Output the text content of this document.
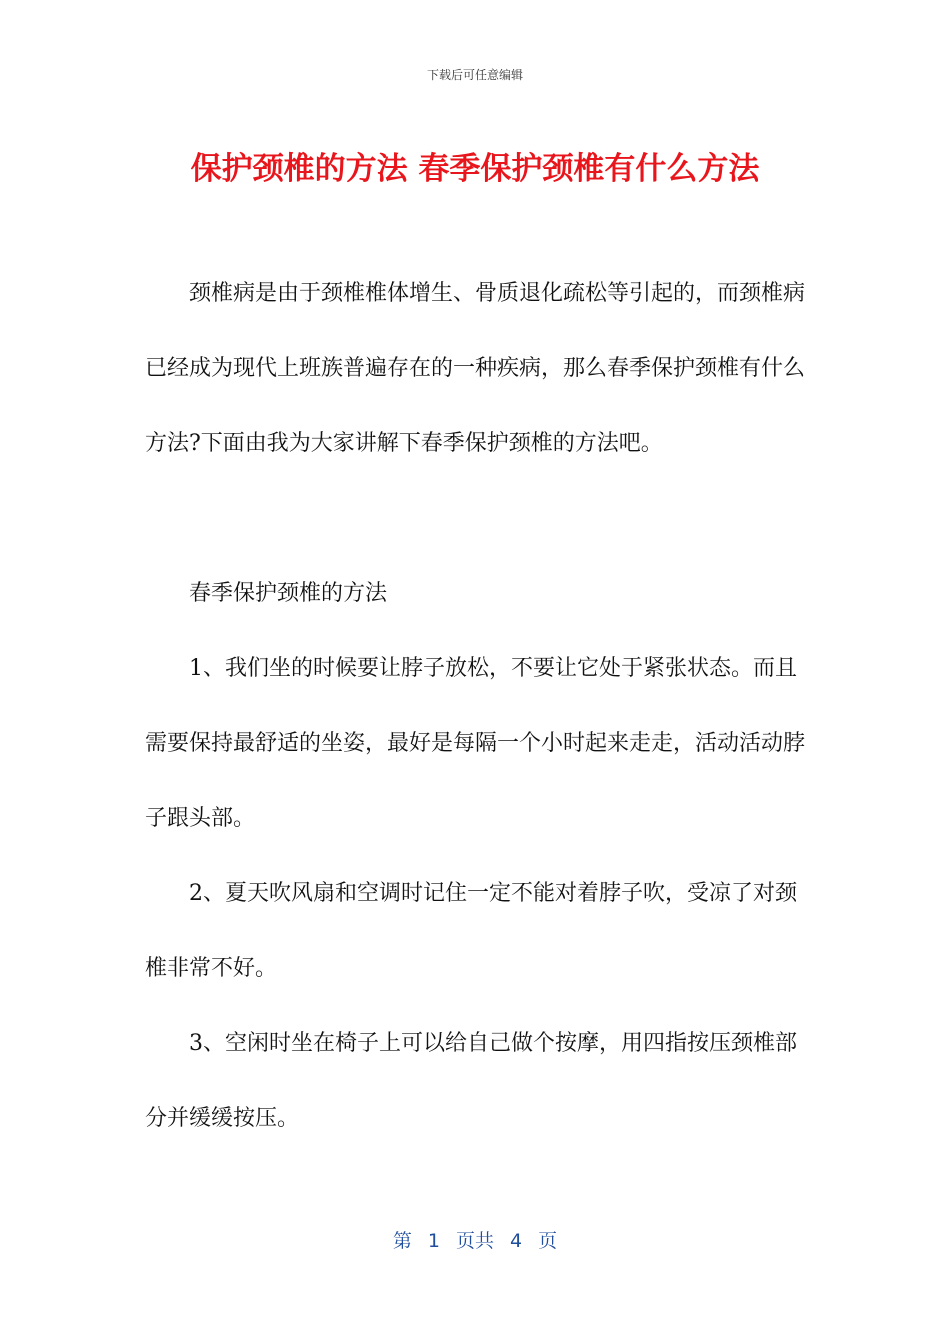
下载后可任意编辑
保护颈椎的方法 春季保护颈椎有什么方法

颈椎病是由于颈椎椎体增生、骨质退化疏松等引起的，而颈椎病已经成为现代上班族普遍存在的一种疾病，那么春季保护颈椎有什么方法?下面由我为大家讲解下春季保护颈椎的方法吧。

春季保护颈椎的方法

1、我们坐的时候要让脖子放松，不要让它处于紧张状态。而且需要保持最舒适的坐姿，最好是每隔一个小时起来走走，活动活动脖子跟头部。

2、夏天吹风扇和空调时记住一定不能对着脖子吹，受凉了对颈椎非常不好。

3、空闲时坐在椅子上可以给自己做个按摩，用四指按压颈椎部分并缓缓按压。

第 1 页共 4 页
